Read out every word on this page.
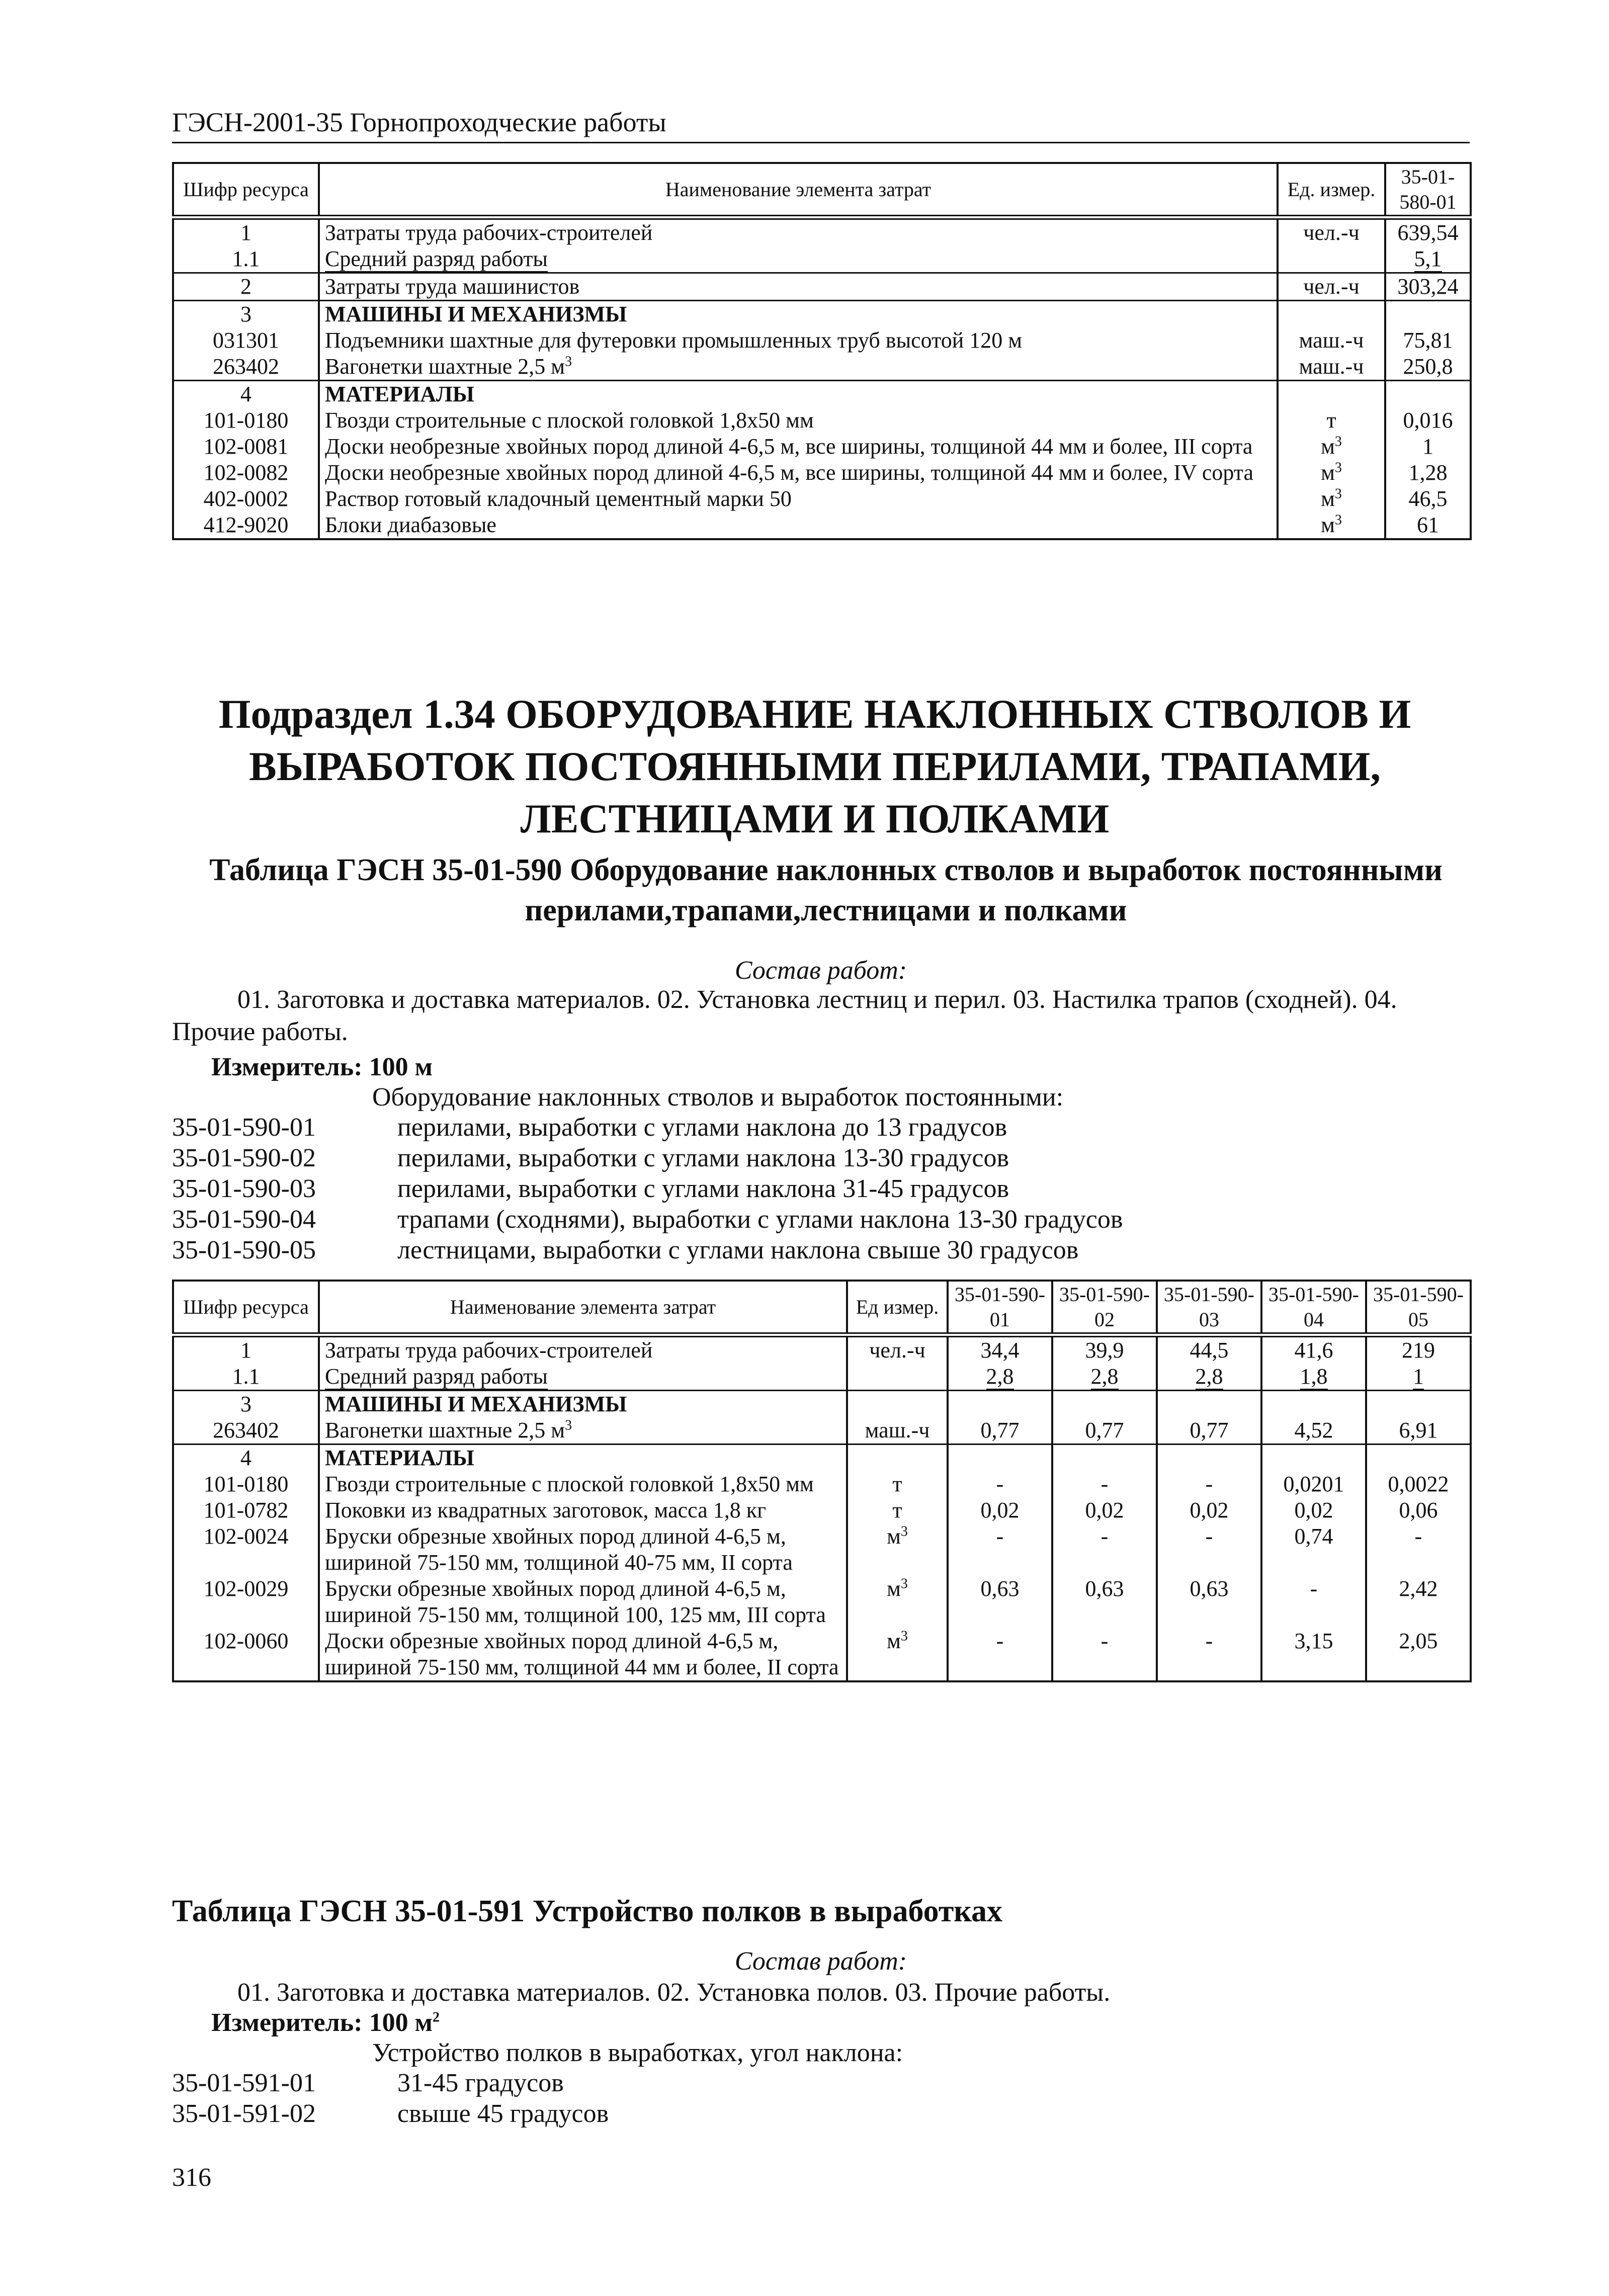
ГЭСН-2001-35 Горнопроходческие работы
Шифр ресурса	Наименование элемента затрат	Ед. измер.	35-01-580-01
1	Затраты труда рабочих-строителей	чел.-ч	639,54
1.1	Средний разряд работы		5,1
2	Затраты труда машинистов	чел.-ч	303,24
3	МАШИНЫ И МЕХАНИЗМЫ		
031301	Подъемники шахтные для футеровки промышленных труб высотой 120 м	маш.-ч	75,81
263402	Вагонетки шахтные 2,5 $м^3$	маш.-ч	250,8
4	МАТЕРИАЛЫ		
101-0180	Гвозди строительные с плоской головкой 1,8х50 мм	т	0,016
102-0081	Доски необрезные хвойных пород длиной 4-6,5 м, все ширины, толщиной 44 мм и более, III сорта	$м^3$	1
102-0082	Доски необрезные хвойных пород длиной 4-6,5 м, все ширины, толщиной 44 мм и более, IV сорта	$м^3$	1,28
402-0002	Раствор готовый кладочный цементный марки 50	$м^3$	46,5
412-9020	Блоки диабазовые	$м^3$	61
Подраздел 1.34 ОБОРУДОВАНИЕ НАКЛОННЫХ СТВОЛОВ И ВЫРАБОТОК ПОСТОЯННЫМИ ПЕРИЛАМИ, ТРАПАМИ, ЛЕСТНИЦАМИ И ПОЛКАМИ
Таблица ГЭСН 35-01-590 Оборудование наклонных стволов и выработок постоянными перилами,трапами,лестницами и полками
Состав работ:
01. Заготовка и доставка материалов. 02. Установка лестниц и перил. 03. Настилка трапов (сходней). 04. Прочие работы.
Измеритель: 100 м
Оборудование наклонных стволов и выработок постоянными:
35-01-590-01	перилами, выработки с углами наклона до 13 градусов
35-01-590-02	перилами, выработки с углами наклона 13-30 градусов
35-01-590-03	перилами, выработки с углами наклона 31-45 градусов
35-01-590-04	трапами (сходнями), выработки с углами наклона 13-30 градусов
35-01-590-05	лестницами, выработки с углами наклона свыше 30 градусов
Шифр ресурса	Наименование элемента затрат	Ед измер.	35-01-590-01	35-01-590-02	35-01-590-03	35-01-590-04	35-01-590-05
1	Затраты труда рабочих-строителей	чел.-ч	34,4	39,9	44,5	41,6	219
1.1	Средний разряд работы		2,8	2,8	2,8	1,8	1
3	МАШИНЫ И МЕХАНИЗМЫ						
263402	Вагонетки шахтные 2,5 $м^3$	маш.-ч	0,77	0,77	0,77	4,52	6,91
4	МАТЕРИАЛЫ						
101-0180	Гвозди строительные с плоской головкой 1,8х50 мм	т	-	-	-	0,0201	0,0022
101-0782	Поковки из квадратных заготовок, масса 1,8 кг	т	0,02	0,02	0,02	0,02	0,06
102-0024	Бруски обрезные хвойных пород длиной 4-6,5 м, шириной 75-150 мм, толщиной 40-75 мм, II сорта	$м^3$	-	-	-	0,74	-
102-0029	Бруски обрезные хвойных пород длиной 4-6,5 м, шириной 75-150 мм, толщиной 100, 125 мм, III сорта	$м^3$	0,63	0,63	0,63	-	2,42
102-0060	Доски обрезные хвойных пород длиной 4-6,5 м, шириной 75-150 мм, толщиной 44 мм и более, II сорта	$м^3$	-	-	-	3,15	2,05
Таблица ГЭСН 35-01-591 Устройство полков в выработках
Состав работ:
01. Заготовка и доставка материалов. 02. Установка полов. 03. Прочие работы.
Измеритель: 100 $м^2$
Устройство полков в выработках, угол наклона:
35-01-591-01	31-45 градусов
35-01-591-02	свыше 45 градусов
316
